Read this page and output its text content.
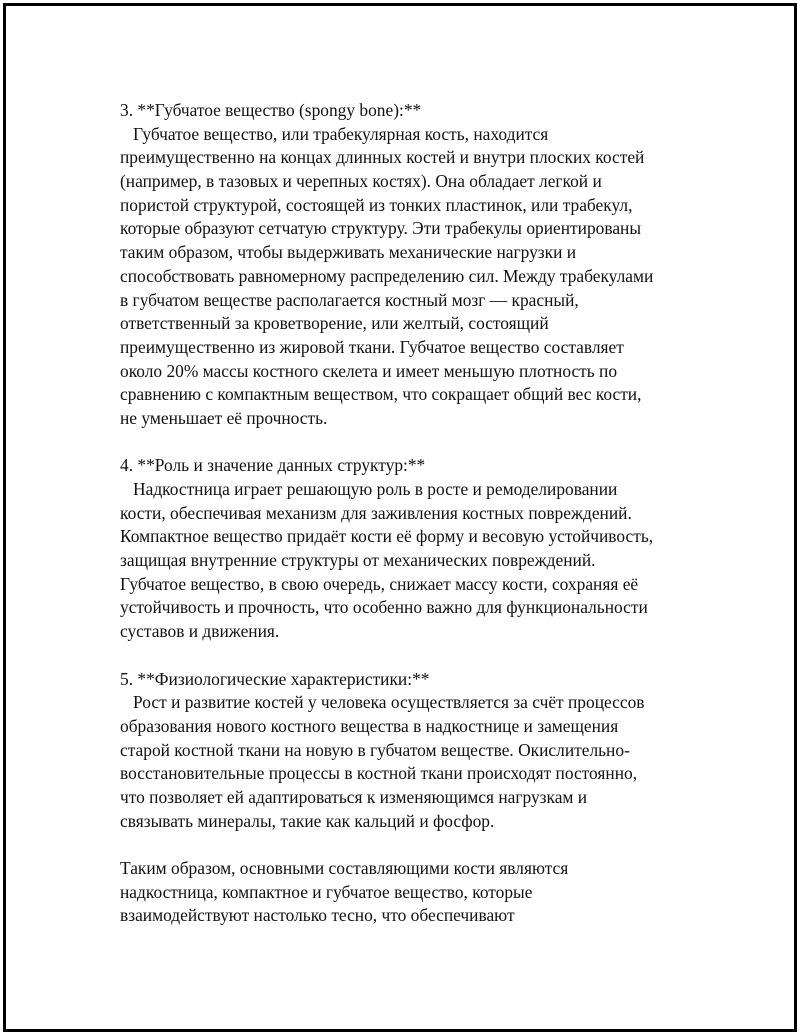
3. **Губчатое вещество (spongy bone):**
Губчатое вещество, или трабекулярная кость, находится
преимущественно на концах длинных костей и внутри плоских костей
(например, в тазовых и черепных костях). Она обладает легкой и
пористой структурой, состоящей из тонких пластинок, или трабекул,
которые образуют сетчатую структуру. Эти трабекулы ориентированы
таким образом, чтобы выдерживать механические нагрузки и
способствовать равномерному распределению сил. Между трабекулами
в губчатом веществе располагается костный мозг — красный,
ответственный за кроветворение, или желтый, состоящий
преимущественно из жировой ткани. Губчатое вещество составляет
около 20% массы костного скелета и имеет меньшую плотность по
сравнению с компактным веществом, что сокращает общий вес кости,
не уменьшает её прочность.
4. **Роль и значение данных структур:**
Надкостница играет решающую роль в росте и ремоделировании
кости, обеспечивая механизм для заживления костных повреждений.
Компактное вещество придаёт кости её форму и весовую устойчивость,
защищая внутренние структуры от механических повреждений.
Губчатое вещество, в свою очередь, снижает массу кости, сохраняя её
устойчивость и прочность, что особенно важно для функциональности
суставов и движения.
5. **Физиологические характеристики:**
Рост и развитие костей у человека осуществляется за счёт процессов
образования нового костного вещества в надкостнице и замещения
старой костной ткани на новую в губчатом веществе. Окислительно-
восстановительные процессы в костной ткани происходят постоянно,
что позволяет ей адаптироваться к изменяющимся нагрузкам и
связывать минералы, такие как кальций и фосфор.
Таким образом, основными составляющими кости являются
надкостница, компактное и губчатое вещество, которые
взаимодействуют настолько тесно, что обеспечивают
